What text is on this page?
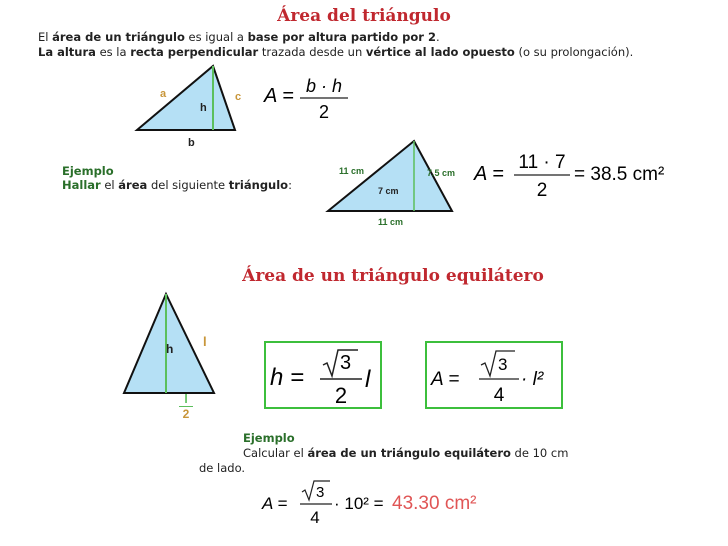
Área del triángulo
El área de un triángulo es igual a base por altura partido por 2.
La altura es la recta perpendicular trazada desde un vértice al lado opuesto (o su prolongación).
a	c
h
b
A = b · h
2
Ejemplo
Hallar el área del siguiente triángulo:
11 cm	7.5 cm
7 cm
11 cm
A =
11 · 7
2
= 38.5 cm²
Área de un triángulo equilátero
l
h
l
2
h =
3
2
l	A =
3
4
· l²
Ejemplo
Calcular el área de un triángulo equilátero de 10 cm
de lado.
A =
3
4
· 10² = 43.30 cm²
